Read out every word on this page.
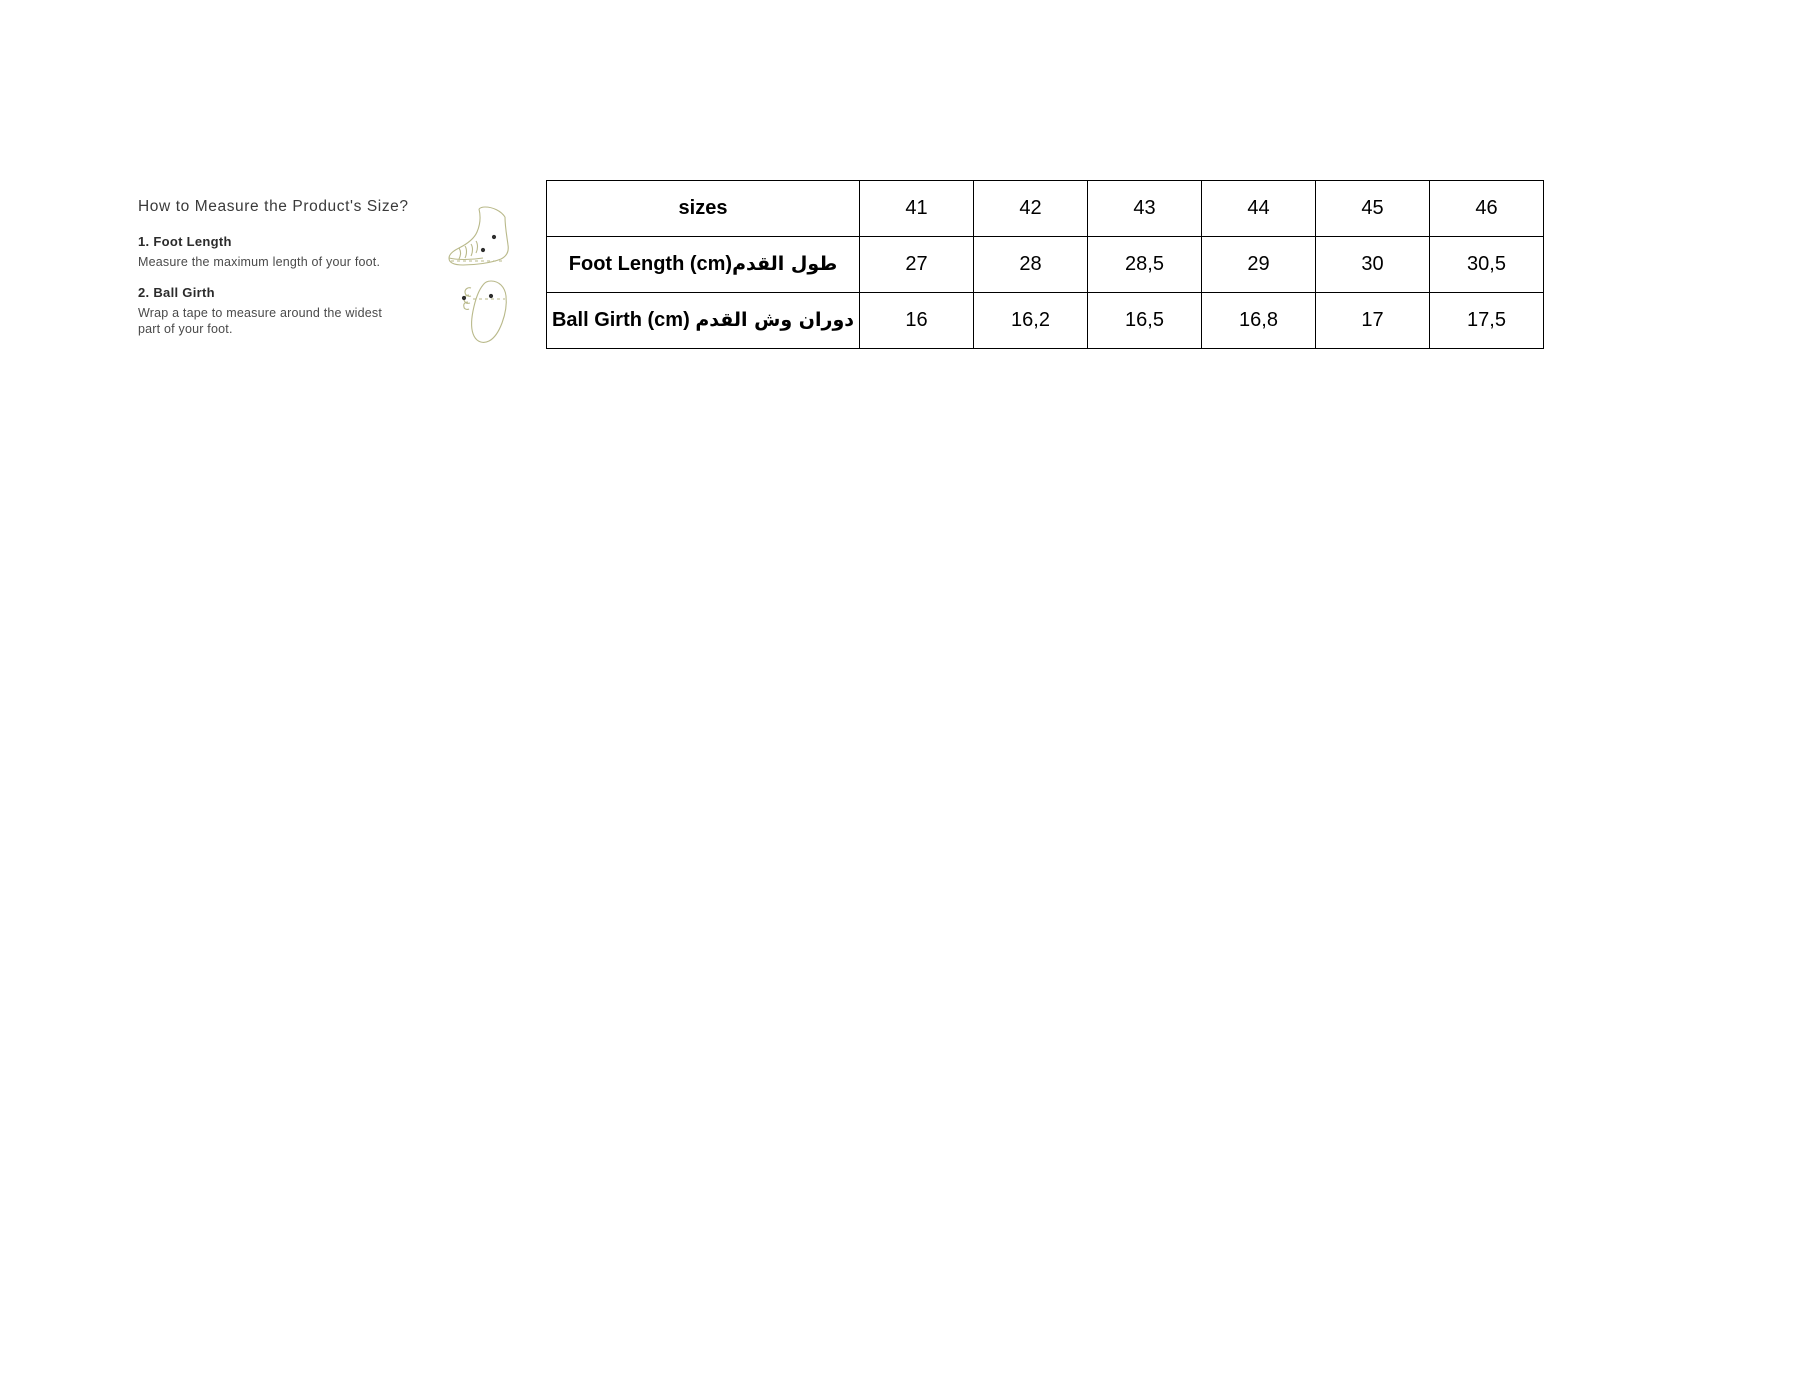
How to Measure the Product's Size?
1. Foot Length
Measure the maximum length of your foot.
2. Ball Girth
Wrap a tape to measure around the widest part of your foot.
sizes	41	42	43	44	45	46
Foot Length (cm)طول القدم	27	28	28,5	29	30	30,5
Ball Girth (cm) دوران وش القدم	16	16,2	16,5	16,8	17	17,5
